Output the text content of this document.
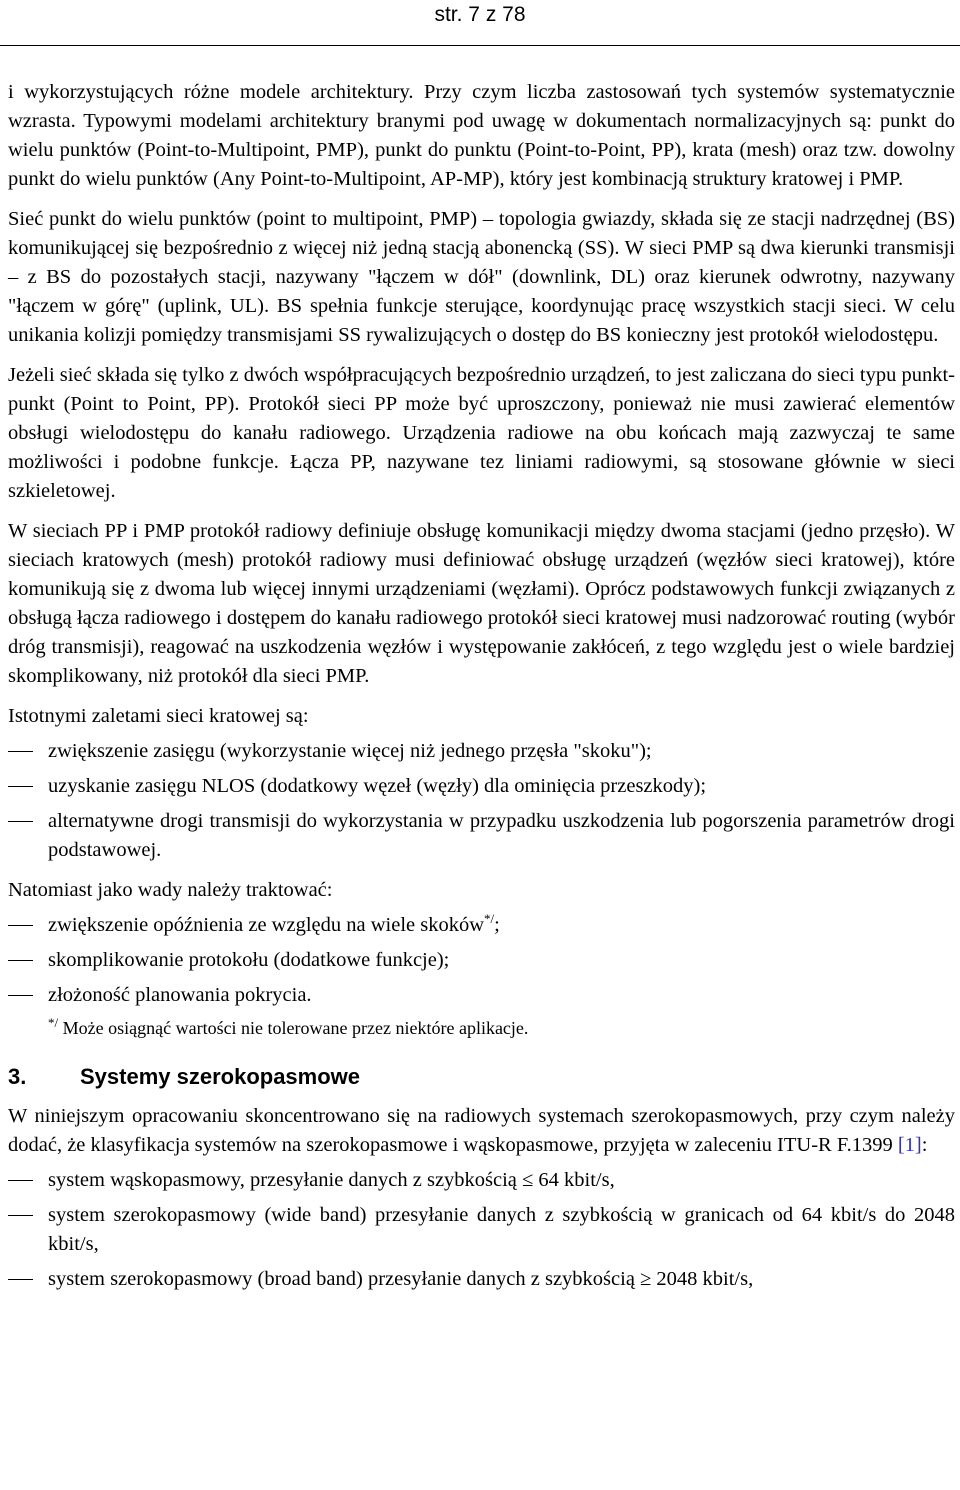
str. 7 z 78

i wykorzystujących różne modele architektury. Przy czym liczba zastosowań tych systemów systematycznie wzrasta. Typowymi modelami architektury branymi pod uwagę w dokumentach normalizacyjnych są: punkt do wielu punktów (Point-to-Multipoint, PMP), punkt do punktu (Point-to-Point, PP), krata (mesh) oraz tzw. dowolny punkt do wielu punktów (Any Point-to-Multipoint, AP-MP), który jest kombinacją struktury kratowej i PMP.

Sieć punkt do wielu punktów (point to multipoint, PMP) – topologia gwiazdy, składa się ze stacji nadrzędnej (BS) komunikującej się bezpośrednio z więcej niż jedną stacją abonencką (SS). W sieci PMP są dwa kierunki transmisji – z BS do pozostałych stacji, nazywany "łączem w dół" (downlink, DL) oraz kierunek odwrotny, nazywany "łączem w górę" (uplink, UL). BS spełnia funkcje sterujące, koordynując pracę wszystkich stacji sieci. W celu unikania kolizji pomiędzy transmisjami SS rywalizujących o dostęp do BS konieczny jest protokół wielodostępu.

Jeżeli sieć składa się tylko z dwóch współpracujących bezpośrednio urządzeń, to jest zaliczana do sieci typu punkt-punkt (Point to Point, PP). Protokół sieci PP może być uproszczony, ponieważ nie musi zawierać elementów obsługi wielodostępu do kanału radiowego. Urządzenia radiowe na obu końcach mają zazwyczaj te same możliwości i podobne funkcje. Łącza PP, nazywane tez liniami radiowymi, są stosowane głównie w sieci szkieletowej.

W sieciach PP i PMP protokół radiowy definiuje obsługę komunikacji między dwoma stacjami (jedno przęsło). W sieciach kratowych (mesh) protokół radiowy musi definiować obsługę urządzeń (węzłów sieci kratowej), które komunikują się z dwoma lub więcej innymi urządzeniami (węzłami). Oprócz podstawowych funkcji związanych z obsługą łącza radiowego i dostępem do kanału radiowego protokół sieci kratowej musi nadzorować routing (wybór dróg transmisji), reagować na uszkodzenia węzłów i występowanie zakłóceń, z tego względu jest o wiele bardziej skomplikowany, niż protokół dla sieci PMP.

Istotnymi zaletami sieci kratowej są:

zwiększenie zasięgu (wykorzystanie więcej niż jednego przęsła "skoku");
uzyskanie zasięgu NLOS (dodatkowy węzeł (węzły) dla ominięcia przeszkody);
alternatywne drogi transmisji do wykorzystania w przypadku uszkodzenia lub pogorszenia parametrów drogi podstawowej.

Natomiast jako wady należy traktować:

zwiększenie opóźnienia ze względu na wiele skoków*/;
skomplikowanie protokołu (dodatkowe funkcje);
złożoność planowania pokrycia.
*/ Może osiągnąć wartości nie tolerowane przez niektóre aplikacje.
3. Systemy szerokopasmowe

W niniejszym opracowaniu skoncentrowano się na radiowych systemach szerokopasmowych, przy czym należy dodać, że klasyfikacja systemów na szerokopasmowe i wąskopasmowe, przyjęta w zaleceniu ITU-R F.1399 [1]:

system wąskopasmowy, przesyłanie danych z szybkością ≤ 64 kbit/s,
system szerokopasmowy (wide band) przesyłanie danych z szybkością w granicach od 64 kbit/s do 2048 kbit/s,
system szerokopasmowy (broad band) przesyłanie danych z szybkością ≥ 2048 kbit/s,
